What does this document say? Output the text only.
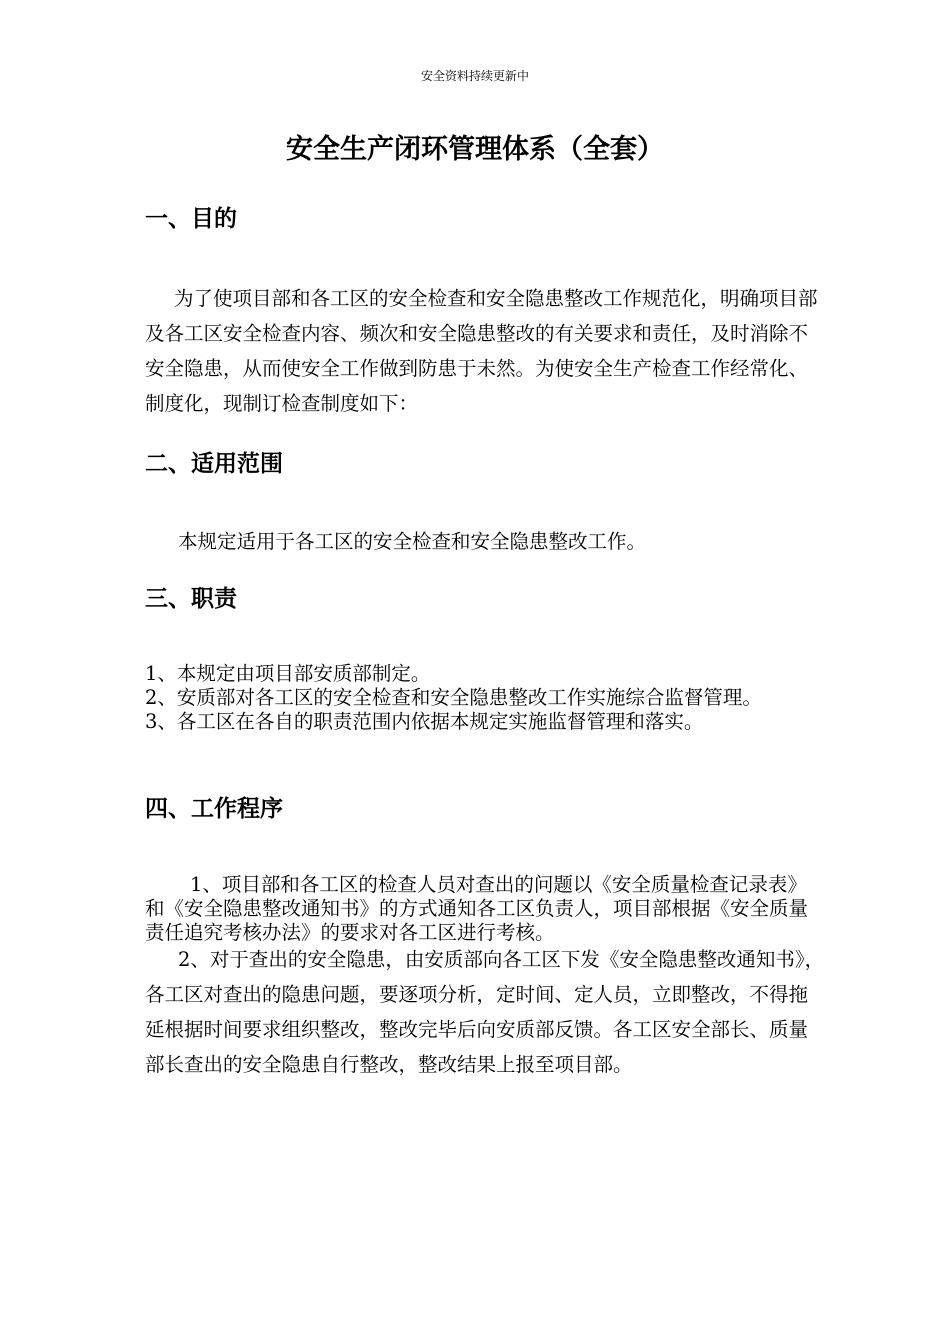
安全资料持续更新中
安全生产闭环管理体系（全套）
一、目的

为了使项目部和各工区的安全检查和安全隐患整改工作规范化，明确项目部及各工区安全检查内容、频次和安全隐患整改的有关要求和责任，及时消除不安全隐患，从而使安全工作做到防患于未然。为使安全生产检查工作经常化、制度化，现制订检查制度如下：

二、适用范围

本规定适用于各工区的安全检查和安全隐患整改工作。

三、职责
1、本规定由项目部安质部制定。
2、安质部对各工区的安全检查和安全隐患整改工作实施综合监督管理。
3、各工区在各自的职责范围内依据本规定实施监督管理和落实。
四、工作程序

1、项目部和各工区的检查人员对查出的问题以《安全质量检查记录表》和《安全隐患整改通知书》的方式通知各工区负责人，项目部根据《安全质量责任追究考核办法》的要求对各工区进行考核。

2、对于查出的安全隐患，由安质部向各工区下发《安全隐患整改通知书》，各工区对查出的隐患问题，要逐项分析，定时间、定人员，立即整改，不得拖延根据时间要求组织整改，整改完毕后向安质部反馈。各工区安全部长、质量部长查出的安全隐患自行整改，整改结果上报至项目部。
